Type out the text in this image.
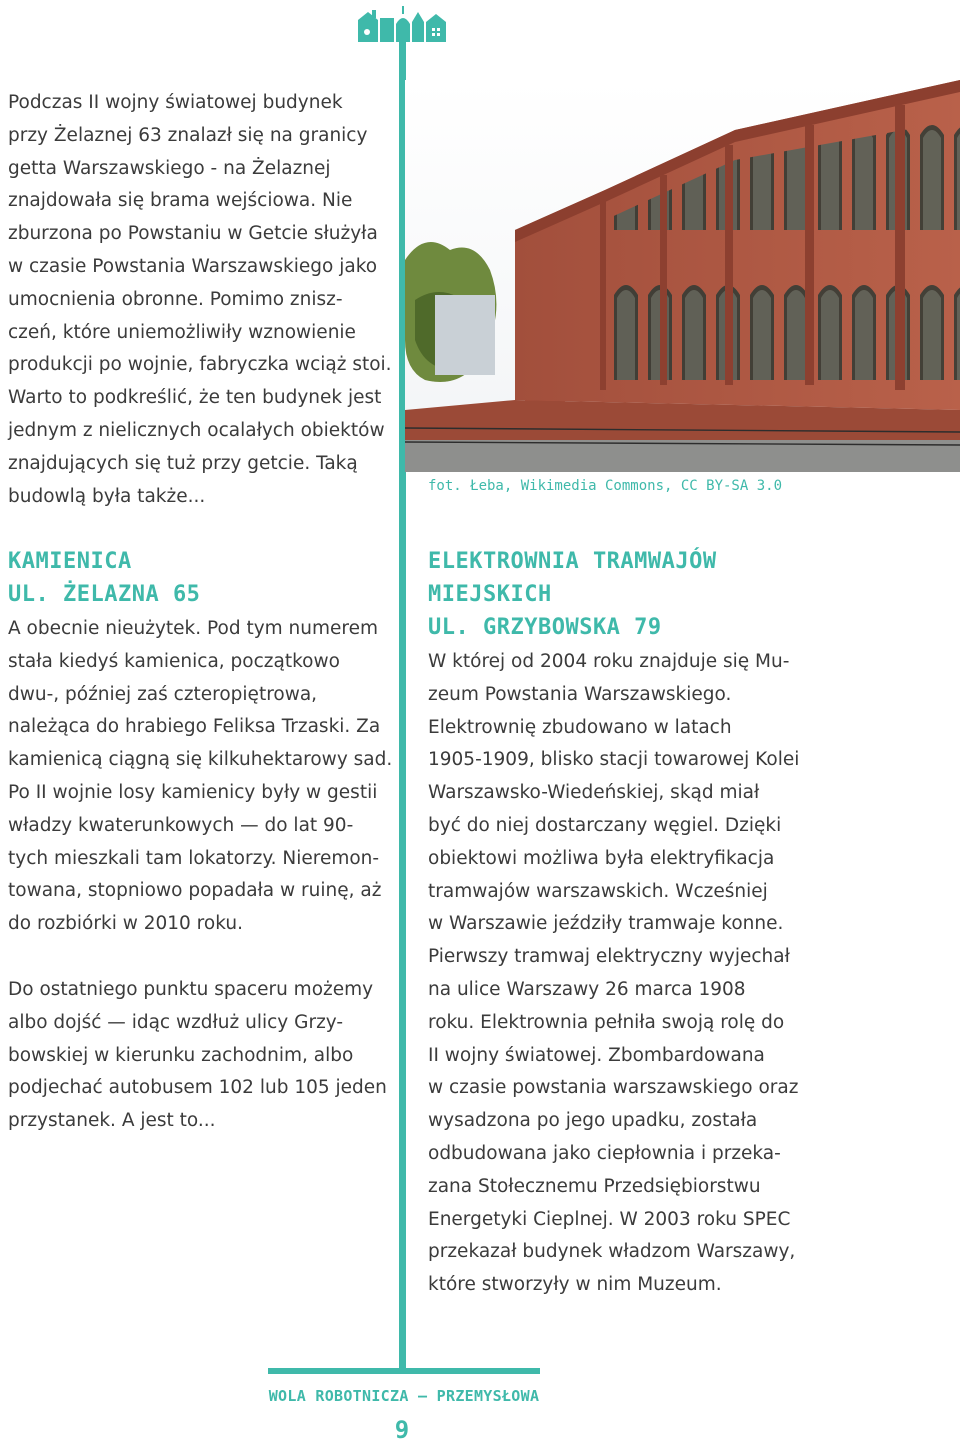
Podczas II wojny światowej budynek
przy Żelaznej 63 znalazł się na granicy
getta Warszawskiego - na Żelaznej
znajdowała się brama wejściowa. Nie
zburzona po Powstaniu w Getcie służyła
w czasie Powstania Warszawskiego jako
umocnienia obronne. Pomimo znisz-
czeń, które uniemożliwiły wznowienie
produkcji po wojnie, fabryczka wciąż stoi.
Warto to podkreślić, że ten budynek jest
jednym z nielicznych ocalałych obiektów
znajdujących się tuż przy getcie. Taką
budowlą była także...

KAMIENICA
UL. ŻELAZNA 65

A obecnie nieużytek. Pod tym numerem
stała kiedyś kamienica, początkowo
dwu-, później zaś czteropiętrowa,
należąca do hrabiego Feliksa Trzaski. Za
kamienicą ciągną się kilkuhektarowy sad.
Po II wojnie losy kamienicy były w gestii
władzy kwaterunkowych — do lat 90-
tych mieszkali tam lokatorzy. Nieremon-
towana, stopniowo popadała w ruinę, aż
do rozbiórki w 2010 roku.

Do ostatniego punktu spaceru możemy
albo dojść — idąc wzdłuż ulicy Grzy-
bowskiej w kierunku zachodnim, albo
podjechać autobusem 102 lub 105 jeden
przystanek. A jest to...

fot. Łeba, Wikimedia Commons, CC BY-SA 3.0
ELEKTROWNIA TRAMWAJÓW
MIEJSKICH
UL. GRZYBOWSKA 79

W której od 2004 roku znajduje się Mu-
zeum Powstania Warszawskiego.
Elektrownię zbudowano w latach
1905-1909, blisko stacji towarowej Kolei
Warszawsko-Wiedeńskiej, skąd miał
być do niej dostarczany węgiel. Dzięki
obiektowi możliwa była elektryfikacja
tramwajów warszawskich. Wcześniej
w Warszawie jeździły tramwaje konne.
Pierwszy tramwaj elektryczny wyjechał
na ulice Warszawy 26 marca 1908
roku. Elektrownia pełniła swoją rolę do
II wojny światowej. Zbombardowana
w czasie powstania warszawskiego oraz
wysadzona po jego upadku, została
odbudowana jako ciepłownia i przeka-
zana Stołecznemu Przedsiębiorstwu
Energetyki Cieplnej. W 2003 roku SPEC
przekazał budynek władzom Warszawy,
które stworzyły w nim Muzeum.

WOLA ROBOTNICZA – PRZEMYSŁOWA
9
